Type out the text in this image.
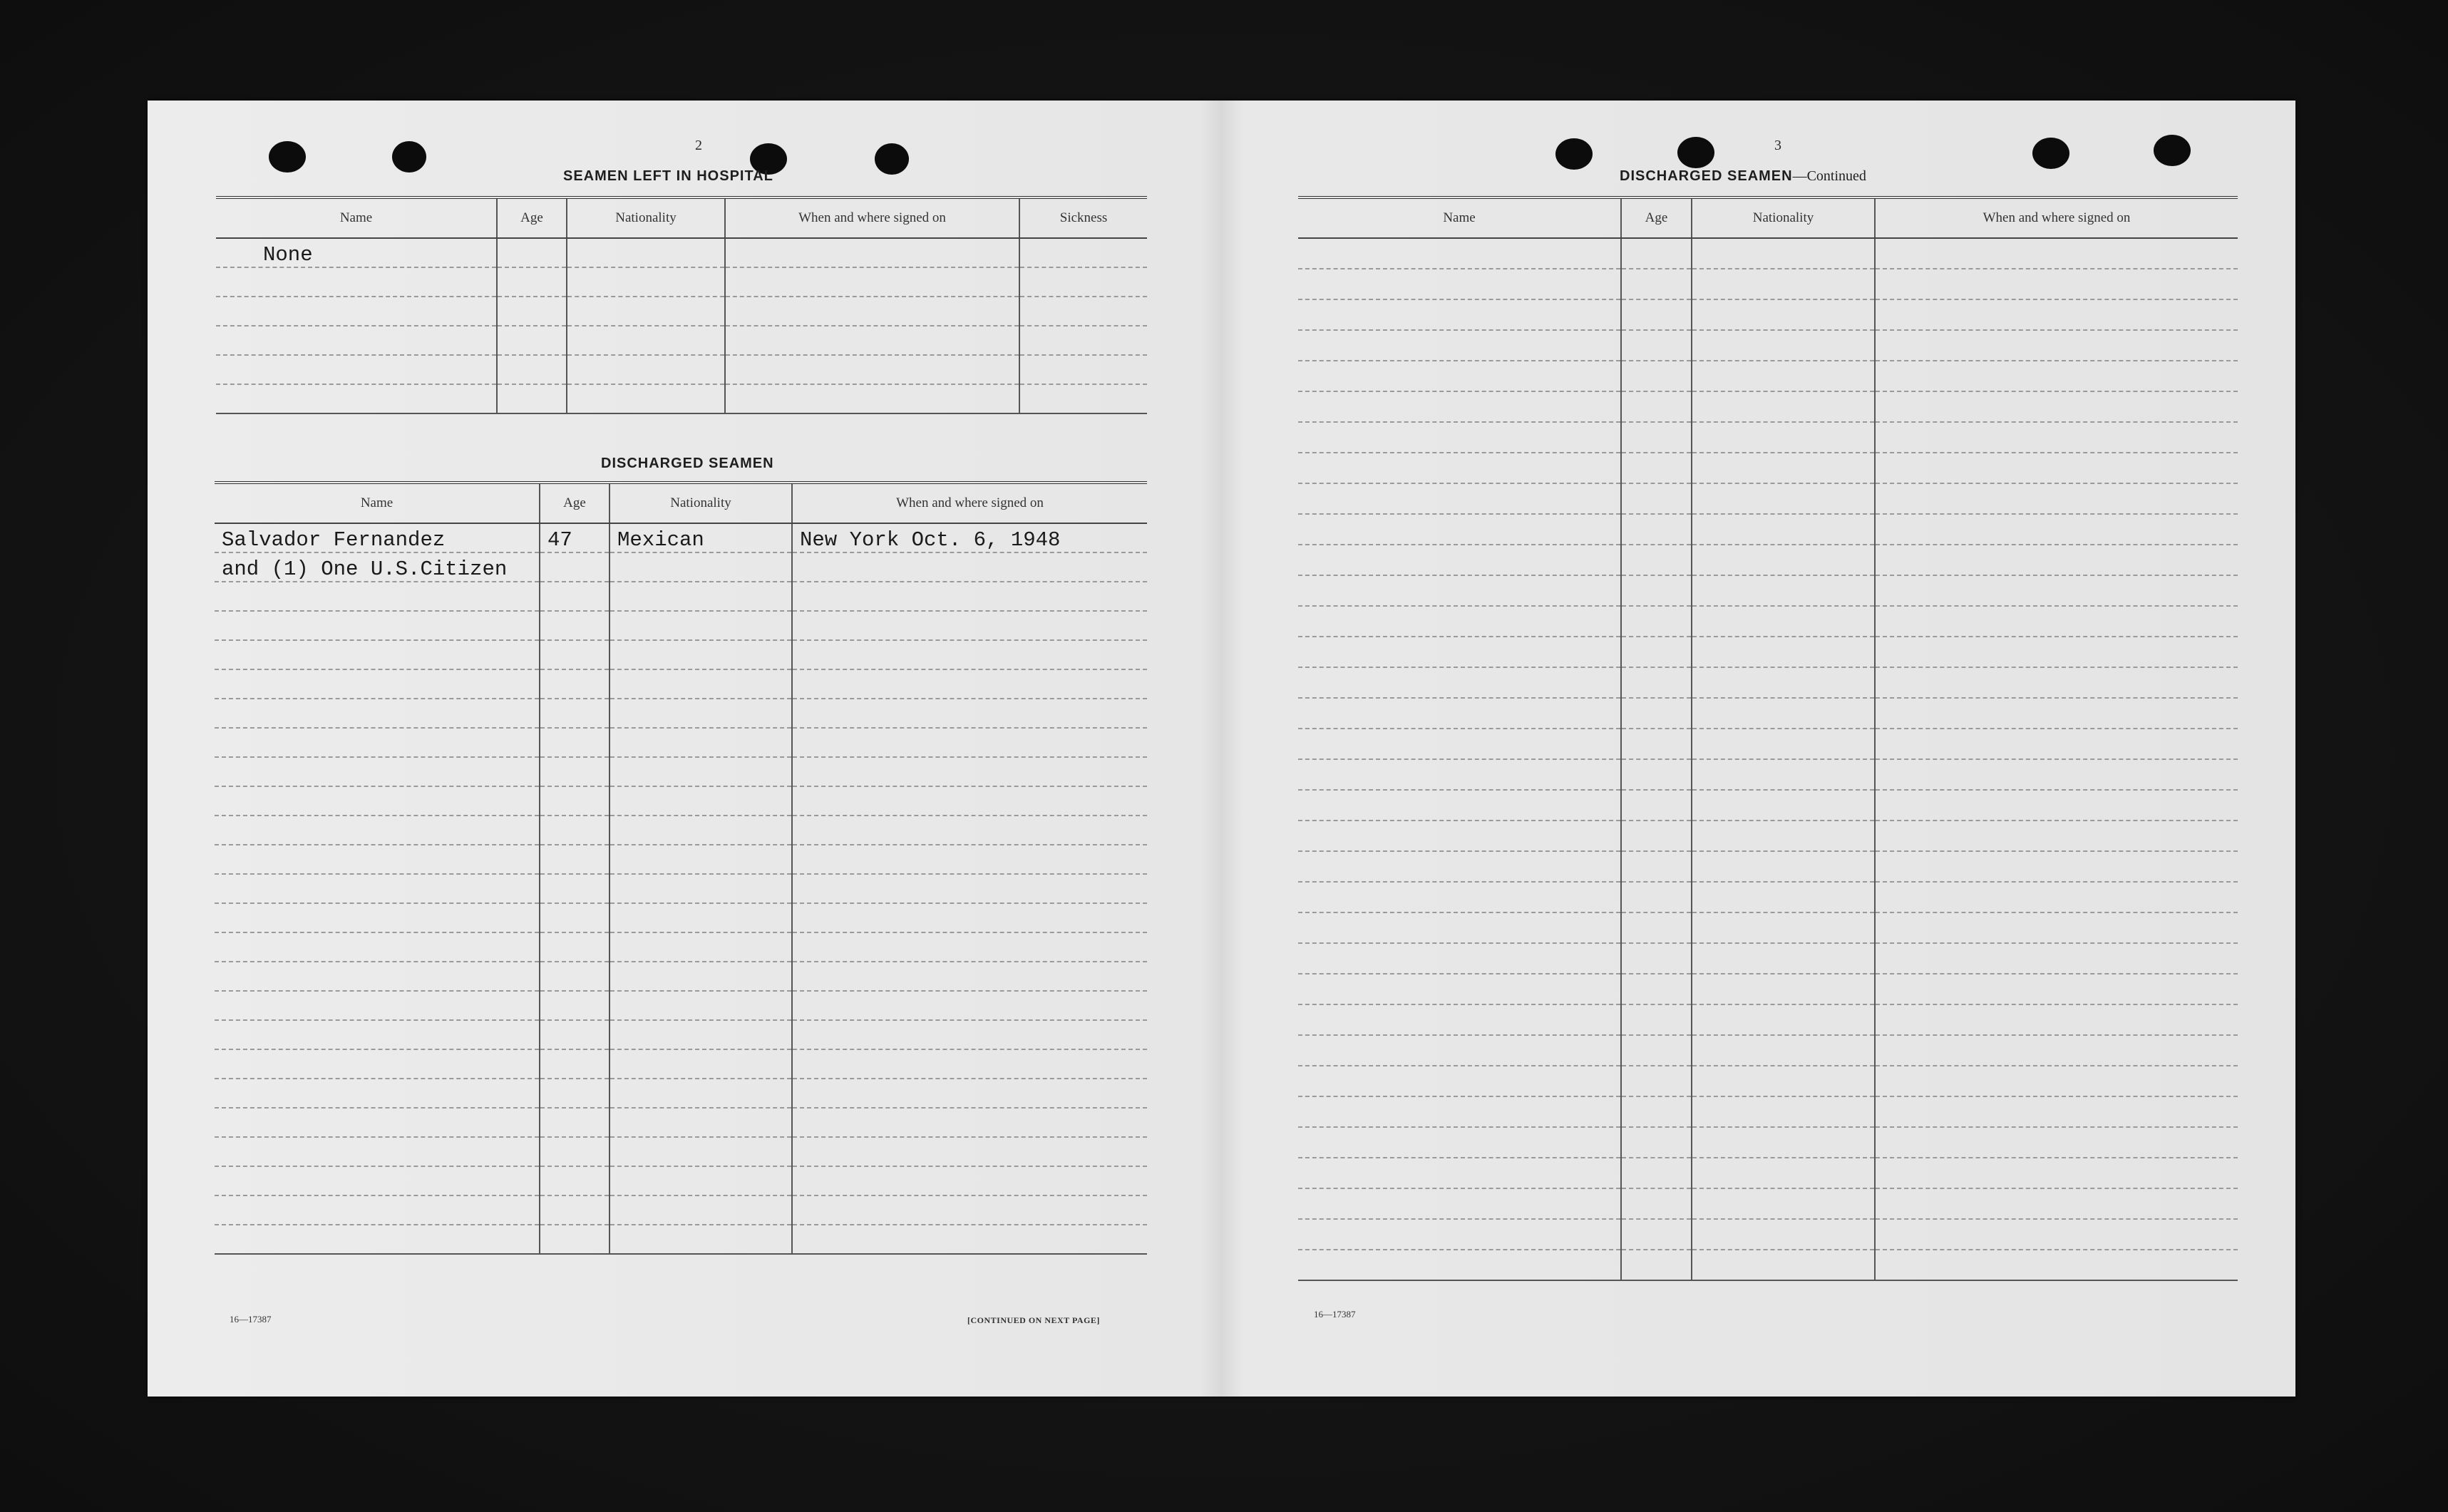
2
SEAMEN LEFT IN HOSPITAL
Name	Age	Nationality	When and where signed on	Sickness
None				

DISCHARGED SEAMEN
Name	Age	Nationality	When and where signed on
Salvador Fernandez	47	Mexican	New York Oct. 6, 1948
and (1) One U.S.Citizen			

16—17387	[CONTINUED ON NEXT PAGE]
3
DISCHARGED SEAMEN—Continued
Name	Age	Nationality	When and where signed on

16—17387
